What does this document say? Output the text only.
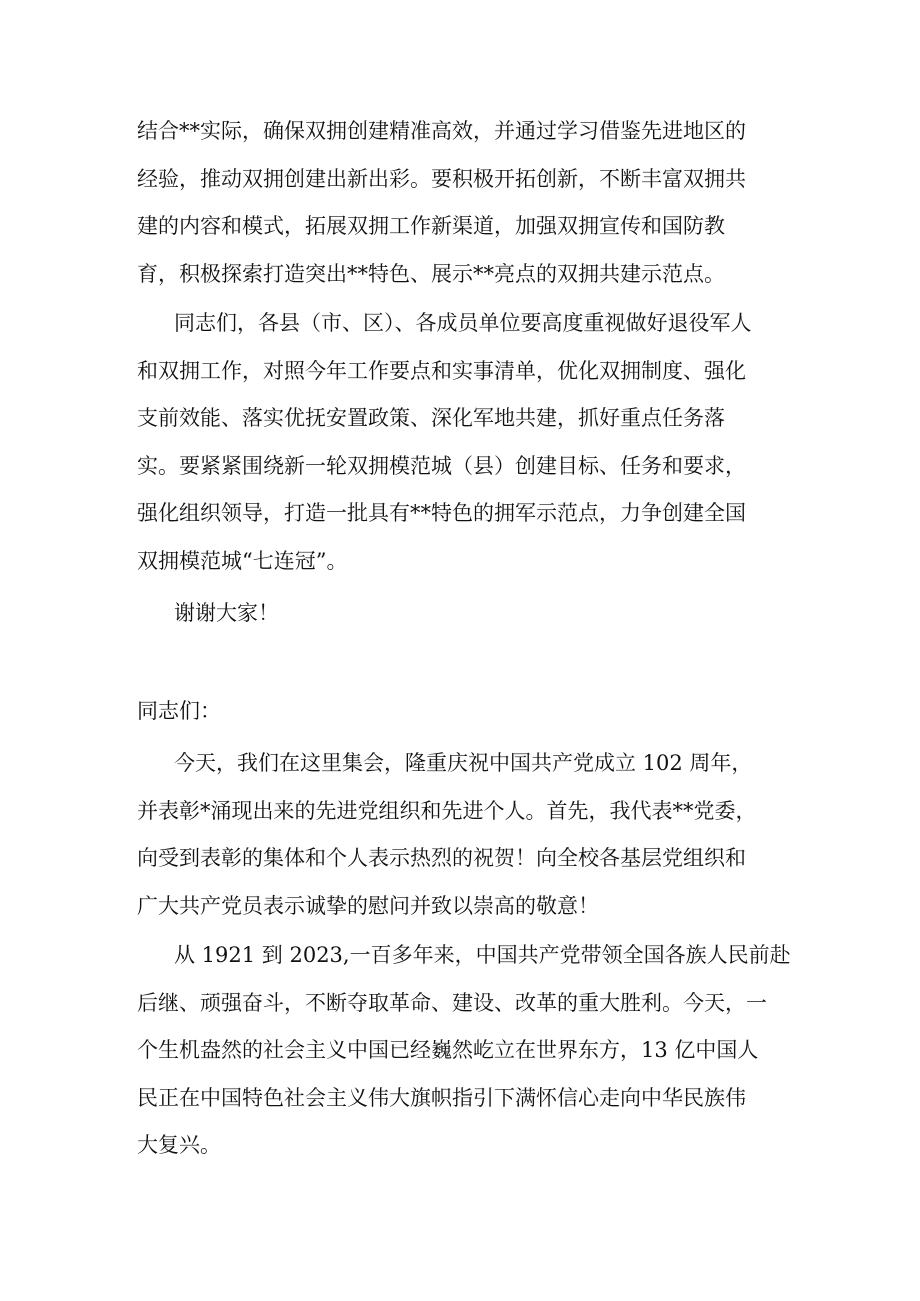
结合**实际，确保双拥创建精准高效，并通过学习借鉴先进地区的
经验，推动双拥创建出新出彩。要积极开拓创新，不断丰富双拥共
建的内容和模式，拓展双拥工作新渠道，加强双拥宣传和国防教
育，积极探索打造突出**特色、展示**亮点的双拥共建示范点。
同志们，各县（市、区）、各成员单位要高度重视做好退役军人
和双拥工作，对照今年工作要点和实事清单，优化双拥制度、强化
支前效能、落实优抚安置政策、深化军地共建，抓好重点任务落
实。要紧紧围绕新一轮双拥模范城（县）创建目标、任务和要求，
强化组织领导，打造一批具有**特色的拥军示范点，力争创建全国
双拥模范城“七连冠”。
谢谢大家！
同志们：
今天，我们在这里集会，隆重庆祝中国共产党成立 102 周年，
并表彰*涌现出来的先进党组织和先进个人。首先，我代表**党委，
向受到表彰的集体和个人表示热烈的祝贺！向全校各基层党组织和
广大共产党员表示诚挚的慰问并致以崇高的敬意！
从 1921 到 2023,一百多年来，中国共产党带领全国各族人民前赴
后继、顽强奋斗，不断夺取革命、建设、改革的重大胜利。今天，一
个生机盎然的社会主义中国已经巍然屹立在世界东方，13 亿中国人
民正在中国特色社会主义伟大旗帜指引下满怀信心走向中华民族伟
大复兴。
